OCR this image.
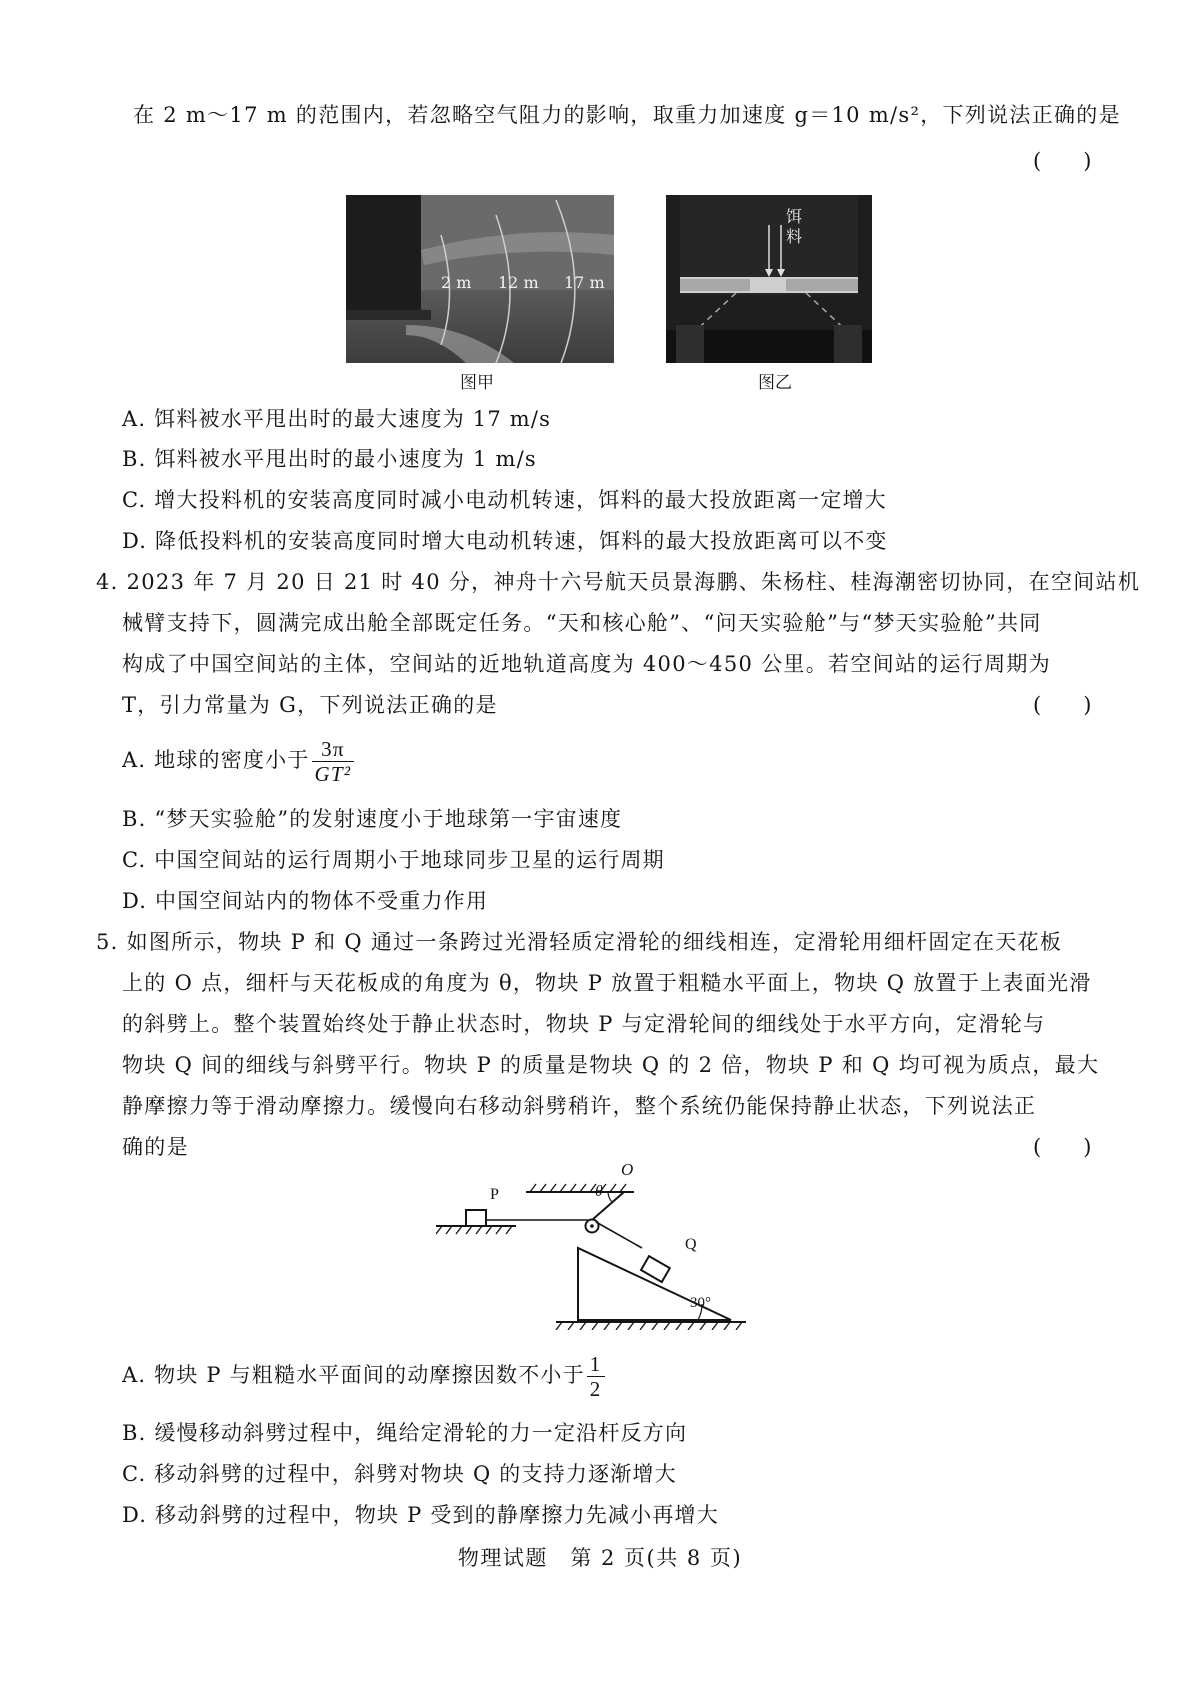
在 2 m～17 m 的范围内，若忽略空气阻力的影响，取重力加速度 g＝10 m/s²，下列说法正确的是
(　　)
2 m 12 m 17 m
图甲
饵料
图乙
A. 饵料被水平甩出时的最大速度为 17 m/s
B. 饵料被水平甩出时的最小速度为 1 m/s
C. 增大投料机的安装高度同时减小电动机转速，饵料的最大投放距离一定增大
D. 降低投料机的安装高度同时增大电动机转速，饵料的最大投放距离可以不变
4. 2023 年 7 月 20 日 21 时 40 分，神舟十六号航天员景海鹏、朱杨柱、桂海潮密切协同，在空间站机
械臂支持下，圆满完成出舱全部既定任务。“天和核心舱”、“问天实验舱”与“梦天实验舱”共同
构成了中国空间站的主体，空间站的近地轨道高度为 400～450 公里。若空间站的运行周期为
T，引力常量为 G，下列说法正确的是	(　　)
A. 地球的密度小于 $\frac{3\pi}{\text{GT²}}$
B. “梦天实验舱”的发射速度小于地球第一宇宙速度
C. 中国空间站的运行周期小于地球同步卫星的运行周期
D. 中国空间站内的物体不受重力作用
5. 如图所示，物块 P 和 Q 通过一条跨过光滑轻质定滑轮的细线相连，定滑轮用细杆固定在天花板
上的 O 点，细杆与天花板成的角度为 θ，物块 P 放置于粗糙水平面上，物块 Q 放置于上表面光滑
的斜劈上。整个装置始终处于静止状态时，物块 P 与定滑轮间的细线处于水平方向，定滑轮与
物块 Q 间的细线与斜劈平行。物块 P 的质量是物块 Q 的 2 倍，物块 P 和 Q 均可视为质点，最大
静摩擦力等于滑动摩擦力。缓慢向右移动斜劈稍许，整个系统仍能保持静止状态，下列说法正
确的是	(　　)
O
θ
P
Q
30°
A. 物块 P 与粗糙水平面间的动摩擦因数不小于 $\frac{1}{2}$
B. 缓慢移动斜劈过程中，绳给定滑轮的力一定沿杆反方向
C. 移动斜劈的过程中，斜劈对物块 Q 的支持力逐渐增大
D. 移动斜劈的过程中，物块 P 受到的静摩擦力先减小再增大
物理试题　第 2 页(共 8 页)
